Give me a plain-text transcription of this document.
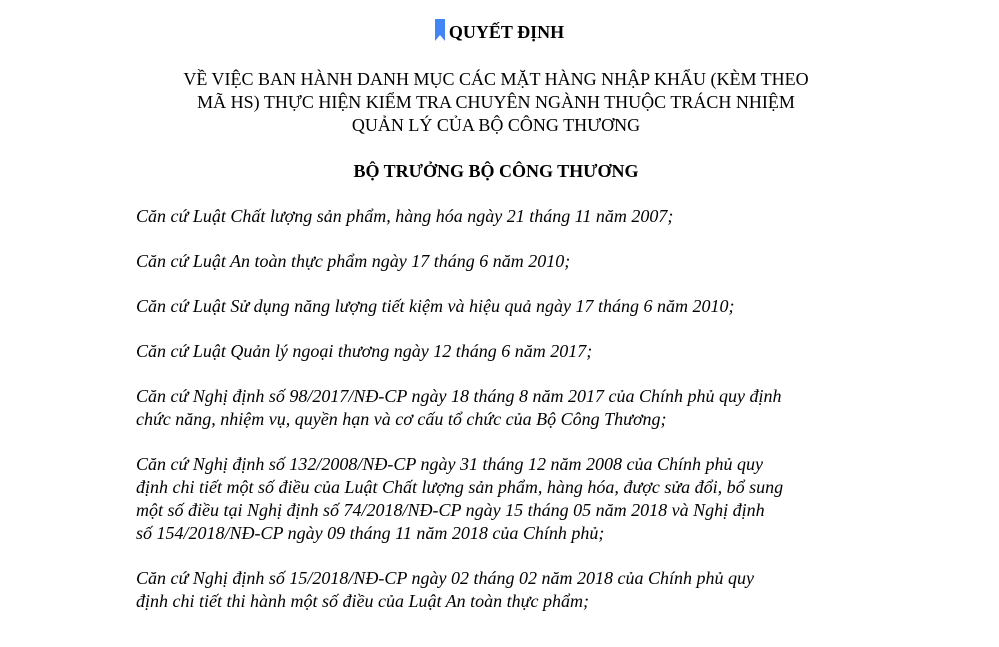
QUYẾT ĐỊNH
VỀ VIỆC BAN HÀNH DANH MỤC CÁC MẶT HÀNG NHẬP KHẨU (KÈM THEO
MÃ HS) THỰC HIỆN KIỂM TRA CHUYÊN NGÀNH THUỘC TRÁCH NHIỆM
QUẢN LÝ CỦA BỘ CÔNG THƯƠNG
BỘ TRƯỞNG BỘ CÔNG THƯƠNG
Căn cứ Luật Chất lượng sản phẩm, hàng hóa ngày 21 tháng 11 năm 2007;
Căn cứ Luật An toàn thực phẩm ngày 17 tháng 6 năm 2010;
Căn cứ Luật Sử dụng năng lượng tiết kiệm và hiệu quả ngày 17 tháng 6 năm 2010;
Căn cứ Luật Quản lý ngoại thương ngày 12 tháng 6 năm 2017;
Căn cứ Nghị định số 98/2017/NĐ-CP ngày 18 tháng 8 năm 2017 của Chính phủ quy định
chức năng, nhiệm vụ, quyền hạn và cơ cấu tổ chức của Bộ Công Thương;
Căn cứ Nghị định số 132/2008/NĐ-CP ngày 31 tháng 12 năm 2008 của Chính phủ quy
định chi tiết một số điều của Luật Chất lượng sản phẩm, hàng hóa, được sửa đổi, bổ sung
một số điều tại Nghị định số 74/2018/NĐ-CP ngày 15 tháng 05 năm 2018 và Nghị định
số 154/2018/NĐ-CP ngày 09 tháng 11 năm 2018 của Chính phủ;
Căn cứ Nghị định số 15/2018/NĐ-CP ngày 02 tháng 02 năm 2018 của Chính phủ quy
định chi tiết thi hành một số điều của Luật An toàn thực phẩm;
